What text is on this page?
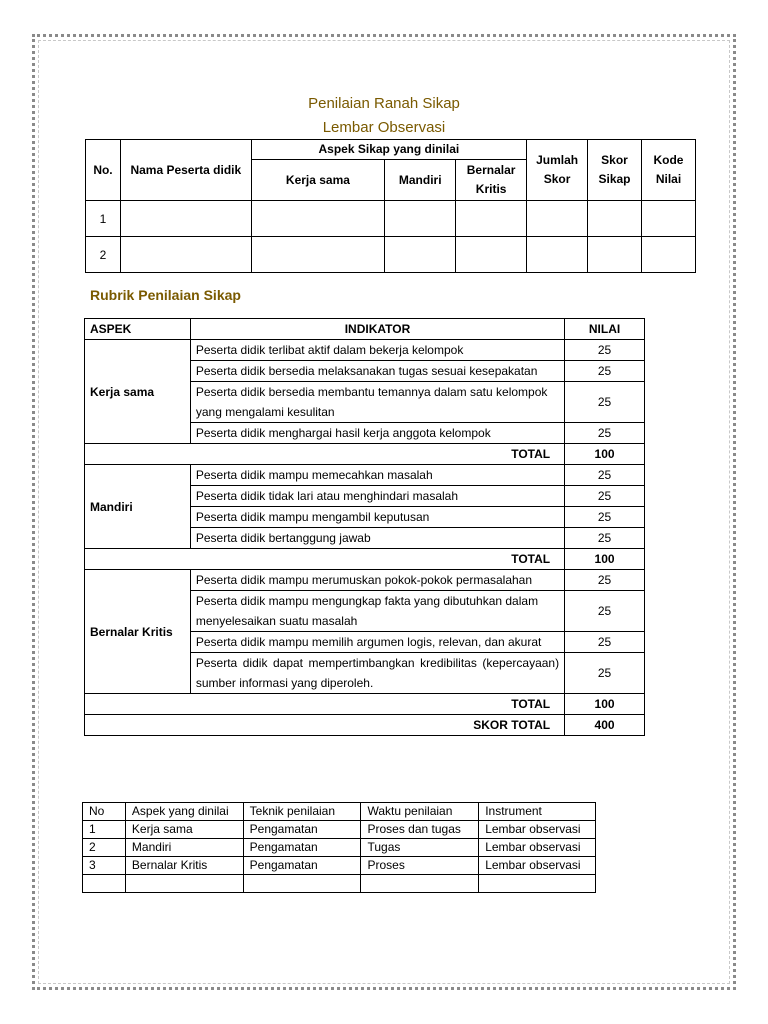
Penilaian Ranah Sikap
Lembar Observasi
No.	Nama Peserta didik	Aspek Sikap yang dinilai			Jumlah Skor	Skor Sikap	Kode Nilai
		Kerja sama	Mandiri	Bernalar Kritis			
1							
2							
Rubrik Penilaian Sikap
ASPEK	INDIKATOR	NILAI
Kerja sama	Peserta didik terlibat aktif dalam bekerja kelompok	25
	Peserta didik bersedia melaksanakan tugas sesuai kesepakatan	25
	Peserta didik bersedia membantu temannya dalam satu kelompok yang mengalami kesulitan	25
	Peserta didik menghargai hasil kerja anggota kelompok	25
TOTAL		100
Mandiri	Peserta didik mampu memecahkan masalah	25
	Peserta didik tidak lari atau menghindari masalah	25
	Peserta didik mampu mengambil keputusan	25
	Peserta didik bertanggung jawab	25
TOTAL		100
Bernalar Kritis	Peserta didik mampu merumuskan pokok-pokok permasalahan	25
	Peserta didik mampu mengungkap fakta yang dibutuhkan dalam menyelesaikan suatu masalah	25
	Peserta didik mampu memilih argumen logis, relevan, dan akurat	25
	Peserta didik dapat mempertimbangkan kredibilitas (kepercayaan) sumber informasi yang diperoleh.	25
TOTAL		100
SKOR TOTAL		400
No	Aspek yang dinilai	Teknik penilaian	Waktu penilaian	Instrument
1	Kerja sama	Pengamatan	Proses dan tugas	Lembar observasi
2	Mandiri	Pengamatan	Tugas	Lembar observasi
3	Bernalar Kritis	Pengamatan	Proses	Lembar observasi
